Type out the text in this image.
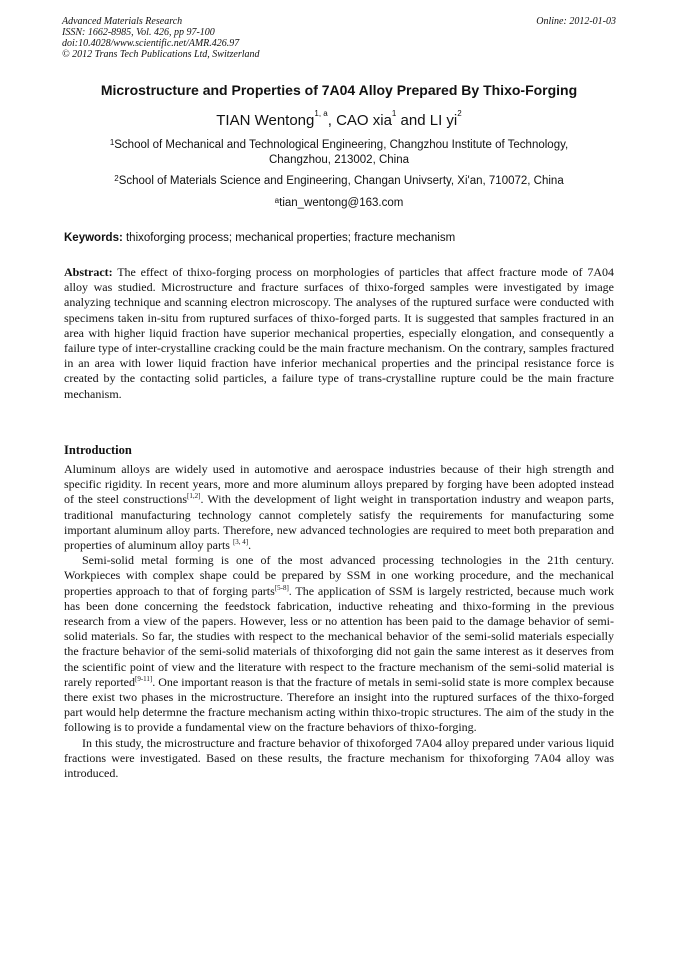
Advanced Materials Research
ISSN: 1662-8985, Vol. 426, pp 97-100
doi:10.4028/www.scientific.net/AMR.426.97
© 2012 Trans Tech Publications Ltd, Switzerland
Online: 2012-01-03
Microstructure and Properties of 7A04 Alloy Prepared By Thixo-Forging
TIAN Wentong$^{1, a}$, CAO xia$^1$ and LI $yi^2$
$^1$School of Mechanical and Technological Engineering, Changzhou Institute of Technology,
Changzhou, 213002, China
$^2$School of Materials Science and Engineering, Changan Univserty, Xi'an, 710072, China
$^a$tian_wentong@163.com
Keywords: thixoforging process; mechanical properties; fracture mechanism
Abstract: The effect of thixo-forging process on morphologies of particles that affect fracture mode of 7A04 alloy was studied. Microstructure and fracture surfaces of thixo-forged samples were investigated by image analyzing technique and scanning electron microscopy. The analyses of the ruptured surface were conducted with specimens taken in-situ from ruptured surfaces of thixo-forged parts. It is suggested that samples fractured in an area with higher liquid fraction have superior mechanical properties, especially elongation, and consequently a failure type of inter-crystalline cracking could be the main fracture mechanism. On the contrary, samples fractured in an area with lower liquid fraction have inferior mechanical properties and the principal resistance force is created by the contacting solid particles, a failure type of trans-crystalline rupture could be the main fracture mechanism.
Introduction

Aluminum alloys are widely used in automotive and aerospace industries because of their high strength and specific rigidity. In recent years, more and more aluminum alloys prepared by forging have been adopted instead of the steel constructions[1,2]. With the development of light weight in transportation industry and weapon parts, traditional manufacturing technology cannot completely satisfy the requirements for manufacturing some important aluminum alloy parts. Therefore, new advanced technologies are required to meet both preparation and properties of aluminum alloy parts [3, 4].

Semi-solid metal forming is one of the most advanced processing technologies in the 21th century. Workpieces with complex shape could be prepared by SSM in one working procedure, and the mechanical properties approach to that of forging parts[5-8]. The application of SSM is largely restricted, because much work has been done concerning the feedstock fabrication, inductive reheating and thixo-forming in the previous research from a view of the papers. However, less or no attention has been paid to the damage behavior of semi-solid materials. So far, the studies with respect to the mechanical behavior of the semi-solid materials especially the fracture behavior of the semi-solid materials of thixoforging did not gain the same interest as it deserves from the scientific point of view and the literature with respect to the fracture mechanism of the semi-solid material is rarely reported[9-11]. One important reason is that the fracture of metals in semi-solid state is more complex because there exist two phases in the microstructure. Therefore an insight into the ruptured surfaces of the thixo-forged part would help determne the fracture mechanism acting within thixo-tropic structures. The aim of the study in the following is to provide a fundamental view on the fracture behaviors of thixo-forging.

In this study, the microstructure and fracture behavior of thixoforged 7A04 alloy prepared under various liquid fractions were investigated. Based on these results, the fracture mechanism for thixoforging 7A04 alloy was introduced.
